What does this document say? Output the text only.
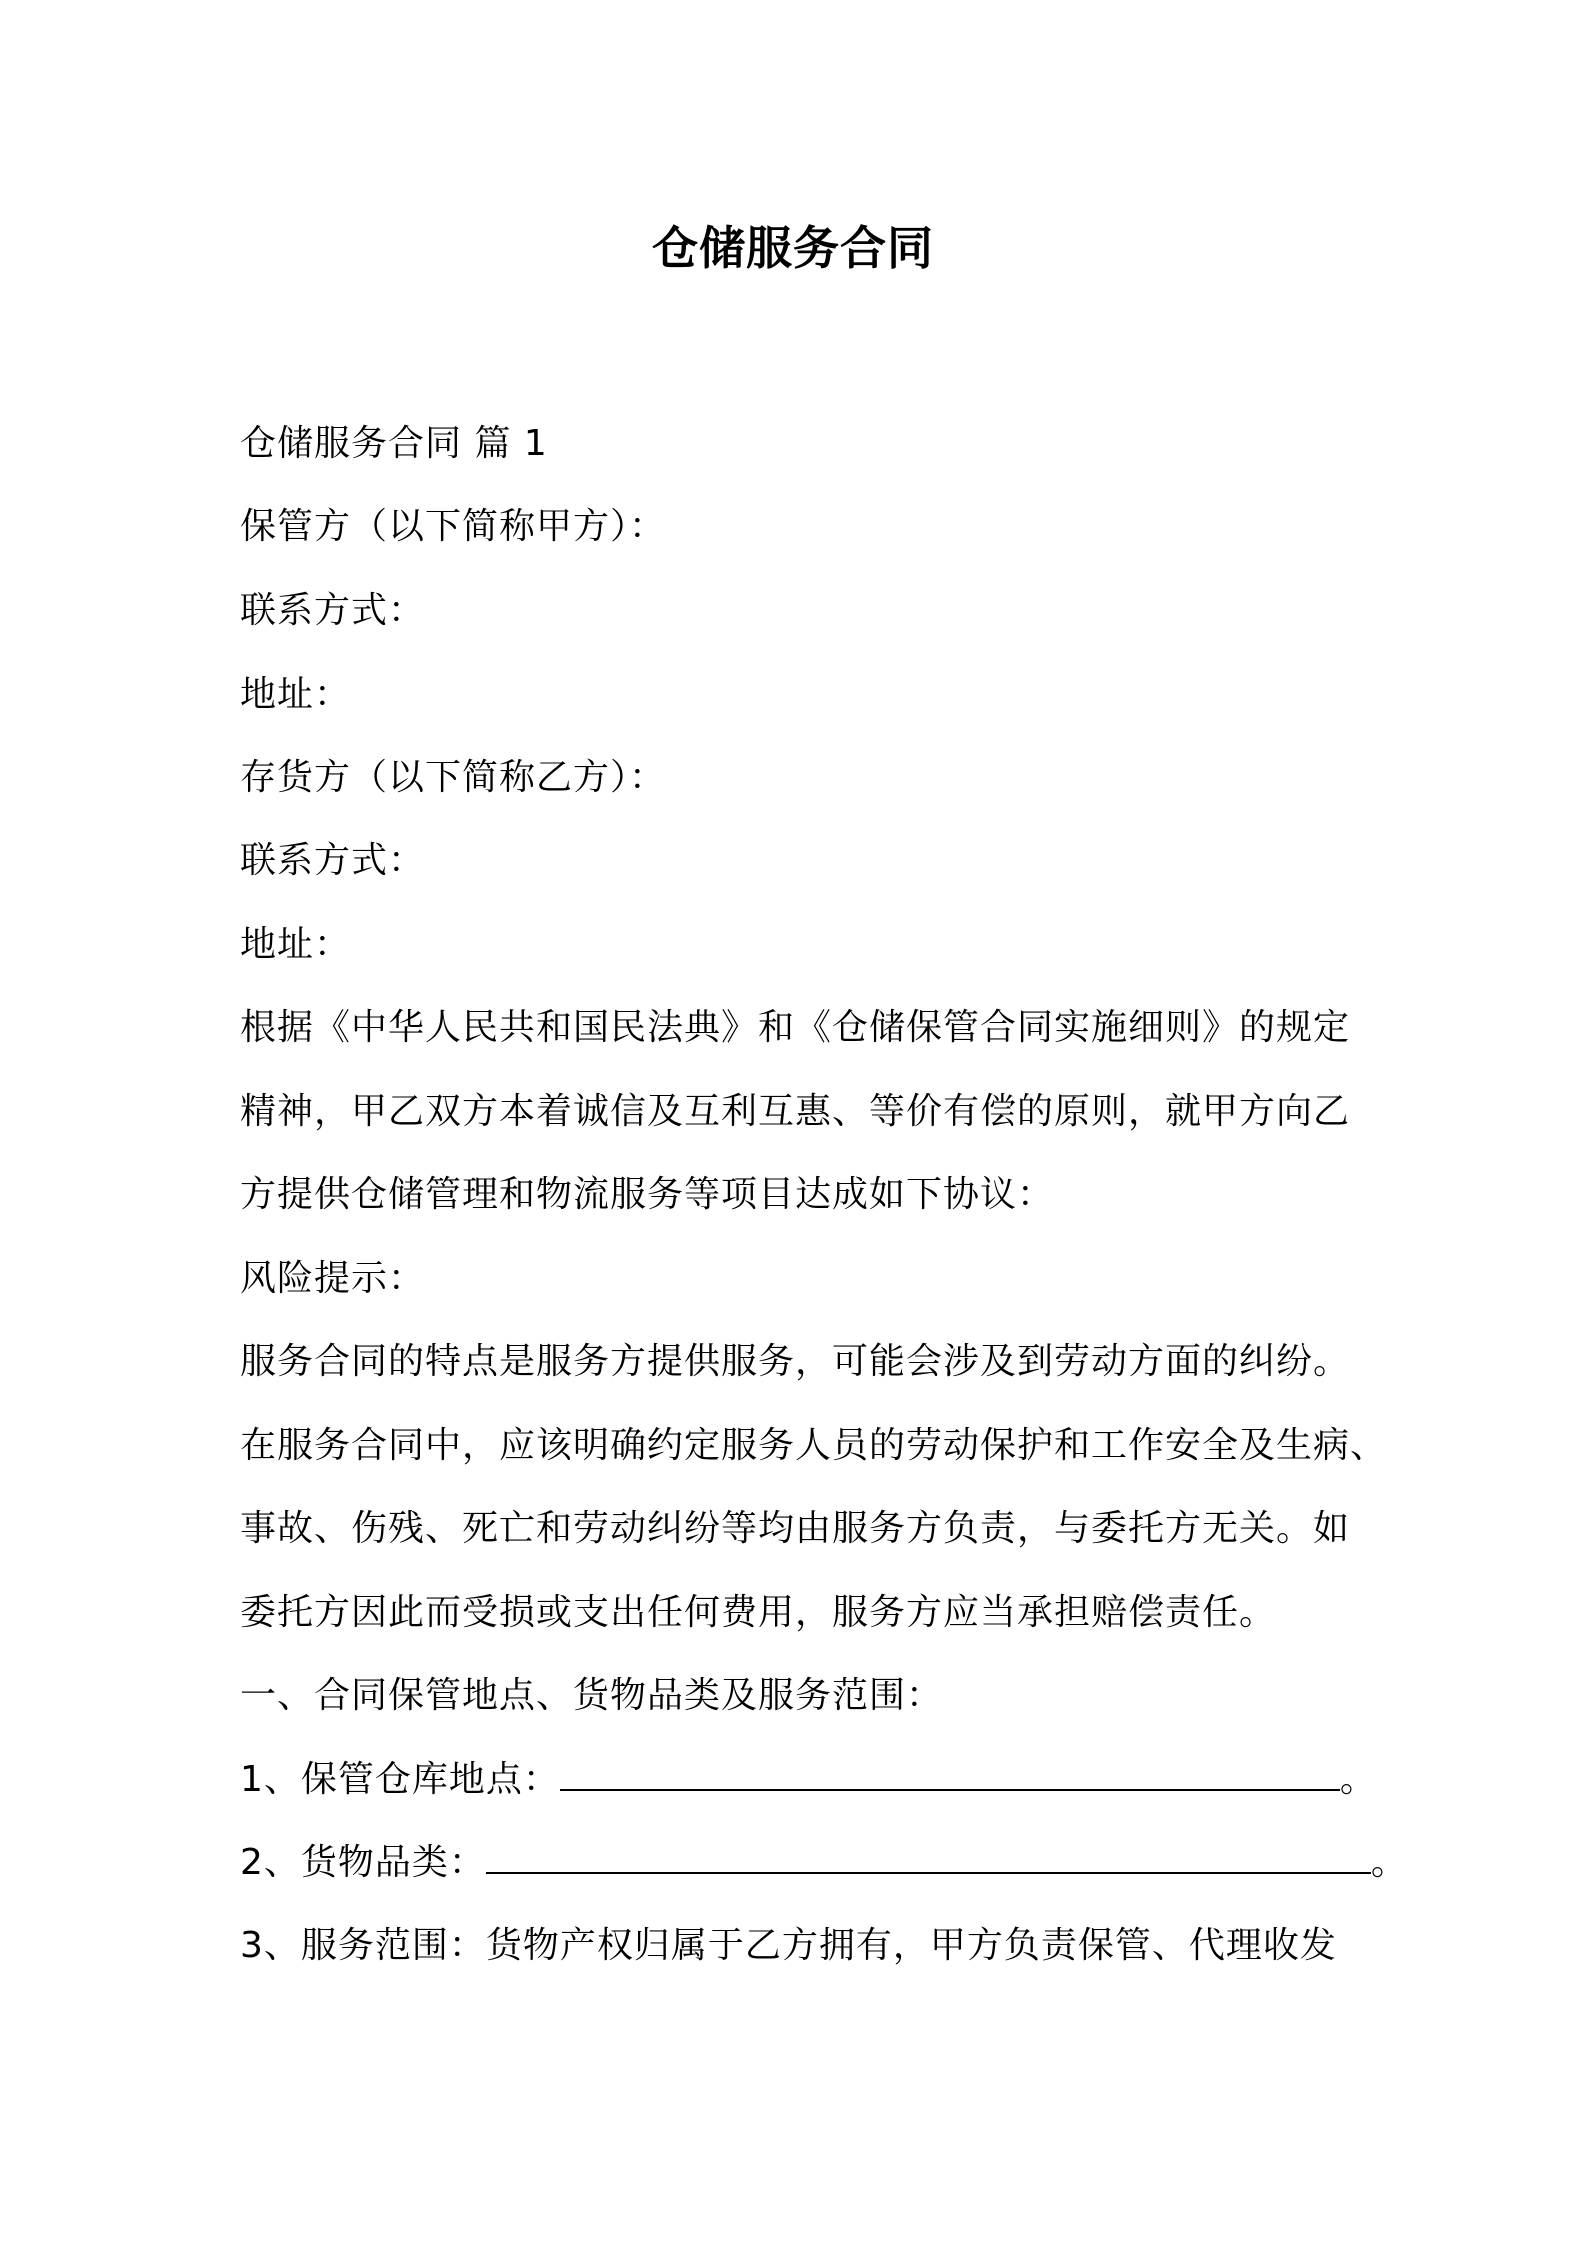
仓储服务合同
仓储服务合同 篇 1
保管方（以下简称甲方）：
联系方式：
地址：
存货方（以下简称乙方）：
联系方式：
地址：
根据《中华人民共和国民法典》和《仓储保管合同实施细则》的规定
精神，甲乙双方本着诚信及互利互惠、等价有偿的原则，就甲方向乙
方提供仓储管理和物流服务等项目达成如下协议：
风险提示：
服务合同的特点是服务方提供服务，可能会涉及到劳动方面的纠纷。
在服务合同中，应该明确约定服务人员的劳动保护和工作安全及生病、
事故、伤残、死亡和劳动纠纷等均由服务方负责，与委托方无关。如
委托方因此而受损或支出任何费用，服务方应当承担赔偿责任。
一、合同保管地点、货物品类及服务范围：
1、保管仓库地点：	。
2、货物品类：	。
3、服务范围：货物产权归属于乙方拥有，甲方负责保管、代理收发
